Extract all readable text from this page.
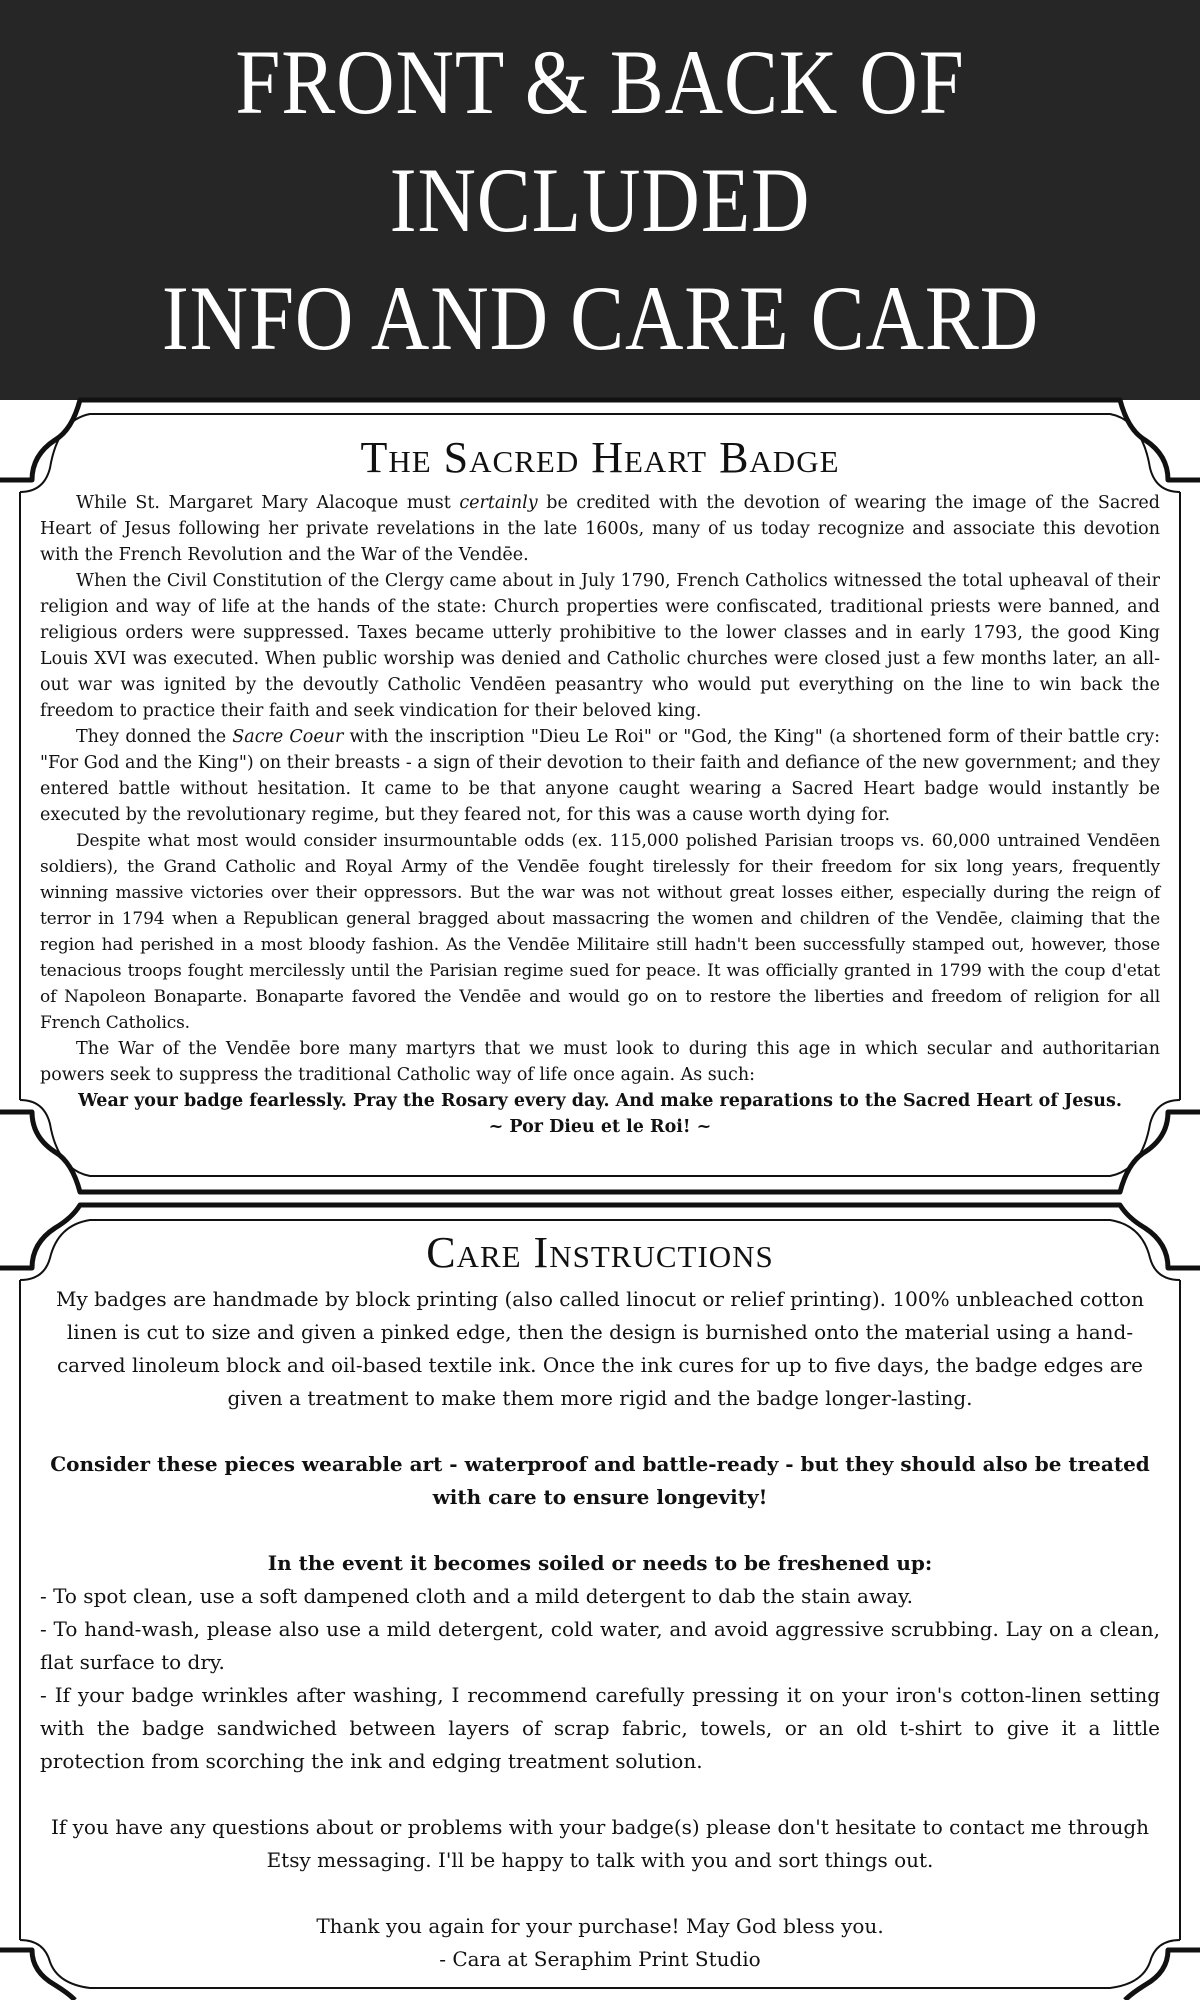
FRONT & BACK OF INCLUDED
INFO AND CARE CARD
The Sacred Heart Badge

While St. Margaret Mary Alacoque must certainly be credited with the devotion of wearing the image of the Sacred Heart of Jesus following her private revelations in the late 1600s, many of us today recognize and associate this devotion with the French Revolution and the War of the Vendēe.

When the Civil Constitution of the Clergy came about in July 1790, French Catholics witnessed the total upheaval of their religion and way of life at the hands of the state: Church properties were confiscated, traditional priests were banned, and religious orders were suppressed. Taxes became utterly prohibitive to the lower classes and in early 1793, the good King Louis XVI was executed. When public worship was denied and Catholic churches were closed just a few months later, an all-out war was ignited by the devoutly Catholic Vendēen peasantry who would put everything on the line to win back the freedom to practice their faith and seek vindication for their beloved king.

They donned the Sacre Coeur with the inscription "Dieu Le Roi" or "God, the King" (a shortened form of their battle cry: "For God and the King") on their breasts - a sign of their devotion to their faith and defiance of the new government; and they entered battle without hesitation. It came to be that anyone caught wearing a Sacred Heart badge would instantly be executed by the revolutionary regime, but they feared not, for this was a cause worth dying for.

Despite what most would consider insurmountable odds (ex. 115,000 polished Parisian troops vs. 60,000 untrained Vendēen soldiers), the Grand Catholic and Royal Army of the Vendēe fought tirelessly for their freedom for six long years, frequently winning massive victories over their oppressors. But the war was not without great losses either, especially during the reign of terror in 1794 when a Republican general bragged about massacring the women and children of the Vendēe, claiming that the region had perished in a most bloody fashion. As the Vendēe Militaire still hadn't been successfully stamped out, however, those tenacious troops fought mercilessly until the Parisian regime sued for peace. It was officially granted in 1799 with the coup d'etat of Napoleon Bonaparte. Bonaparte favored the Vendēe and would go on to restore the liberties and freedom of religion for all French Catholics.

The War of the Vendēe bore many martyrs that we must look to during this age in which secular and authoritarian powers seek to suppress the traditional Catholic way of life once again. As such:

Wear your badge fearlessly. Pray the Rosary every day. And make reparations to the Sacred Heart of Jesus.
~ Por Dieu et le Roi! ~
Care Instructions

My badges are handmade by block printing (also called linocut or relief printing). 100% unbleached cotton linen is cut to size and given a pinked edge, then the design is burnished onto the material using a hand-carved linoleum block and oil-based textile ink. Once the ink cures for up to five days, the badge edges are given a treatment to make them more rigid and the badge longer-lasting.

Consider these pieces wearable art - waterproof and battle-ready - but they should also be treated with care to ensure longevity!

In the event it becomes soiled or needs to be freshened up:

- To spot clean, use a soft dampened cloth and a mild detergent to dab the stain away.

- To hand-wash, please also use a mild detergent, cold water, and avoid aggressive scrubbing. Lay on a clean, flat surface to dry.

- If your badge wrinkles after washing, I recommend carefully pressing it on your iron's cotton-linen setting with the badge sandwiched between layers of scrap fabric, towels, or an old t-shirt to give it a little protection from scorching the ink and edging treatment solution.

If you have any questions about or problems with your badge(s) please don't hesitate to contact me through Etsy messaging. I'll be happy to talk with you and sort things out.

Thank you again for your purchase! May God bless you.

- Cara at Seraphim Print Studio
